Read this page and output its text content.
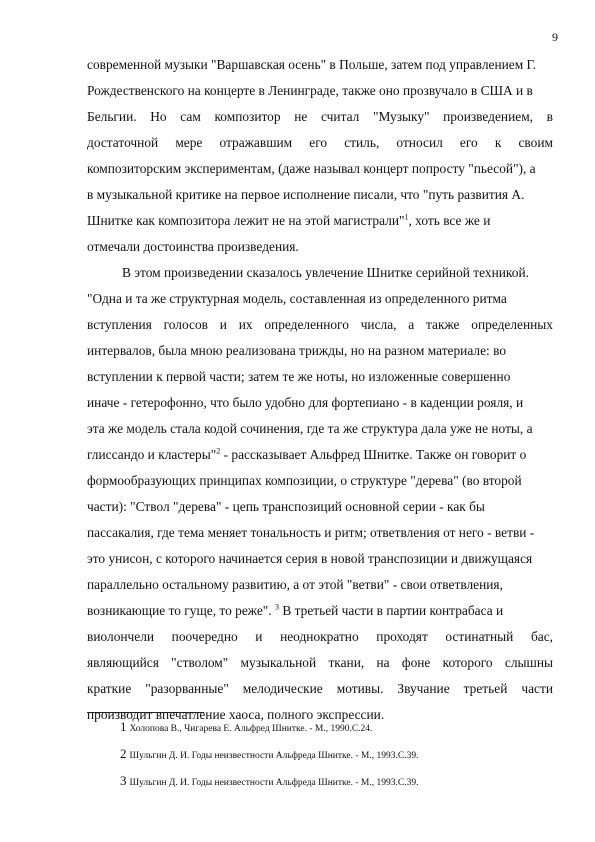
9
современной музыки "Варшавская осень" в Польше, затем под управлением Г.
Рождественского на концерте в Ленинграде, также оно прозвучало в США и в
Бельгии. Но сам композитор не считал "Музыку" произведением, в
достаточной мере отражавшим его стиль, относил его к своим
композиторским экспериментам, (даже называл концерт попросту "пьесой"), а
в музыкальной критике на первое исполнение писали, что "путь развития А.
Шнитке как композитора лежит не на этой магистрали"$^1$, хоть все же и
отмечали достоинства произведения.
В этом произведении сказалось увлечение Шнитке серийной техникой.
"Одна и та же структурная модель, составленная из определенного ритма
вступления голосов и их определенного числа, а также определенных
интервалов, была мною реализована трижды, но на разном материале: во
вступлении к первой части; затем те же ноты, но изложенные совершенно
иначе - гетерофонно, что было удобно для фортепиано - в каденции рояля, и
эта же модель стала кодой сочинения, где та же структура дала уже не ноты, а
глиссандо и кластеры"$^2$ - рассказывает Альфред Шнитке. Также он говорит о
формообразующих принципах композиции, о структуре "дерева" (во второй
части): "Ствол "дерева" - цепь транспозиций основной серии - как бы
пассакалия, где тема меняет тональность и ритм; ответвления от него - ветви -
это унисон, с которого начинается серия в новой транспозиции и движущаяся
параллельно остальному развитию, а от этой "ветви" - свои ответвления,
возникающие то гуще, то реже". $^3$ В третьей части в партии контрабаса и
виолончели поочередно и неоднократно проходят остинатный бас,
являющийся "стволом" музыкальной ткани, на фоне которого слышны
краткие "разорванные" мелодические мотивы. Звучание третьей части
производит впечатление хаоса, полного экспрессии.
1 Холопова В., Чигарева Е. Альфред Шнитке. - М., 1990.С.24.
2 Шульгин Д. И. Годы неизвестности Альфреда Шнитке. - М., 1993.С.39.
3 Шульгин Д. И. Годы неизвестности Альфреда Шнитке. - М., 1993.С.39.
